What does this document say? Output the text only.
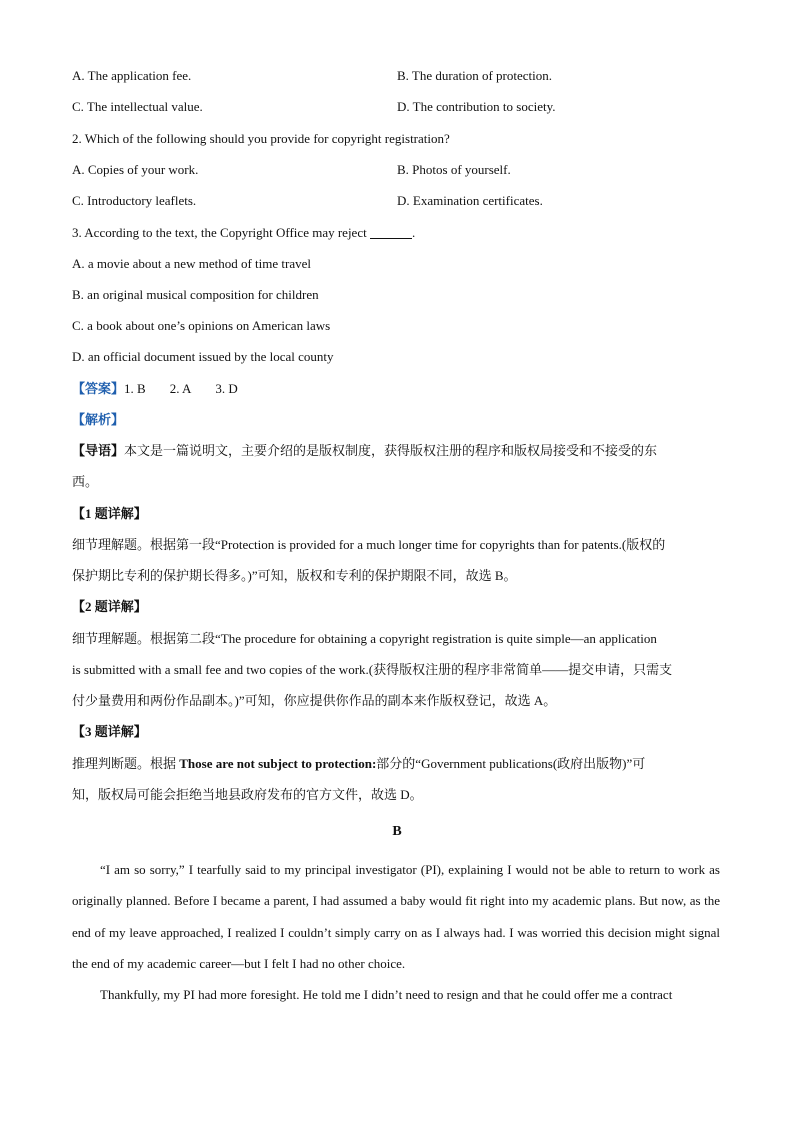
A. The application fee.	B. The duration of protection.
C. The intellectual value.	D. The contribution to society.
2. Which of the following should you provide for copyright registration?
A. Copies of your work.	B. Photos of yourself.
C. Introductory leaflets.	D. Examination certificates.
3. According to the text, the Copyright Office may reject	.
A. a movie about a new method of time travel
B. an original musical composition for children
C. a book about one’s opinions on American laws
D. an official document issued by the local county
【答案】1. B 2. A 3. D
【解析】
【导语】本文是一篇说明文，主要介绍的是版权制度，获得版权注册的程序和版权局接受和不接受的东
西。
【1 题详解】
细节理解题。根据第一段“Protection is provided for a much longer time for copyrights than for patents.(版权的
保护期比专利的保护期长得多。)”可知，版权和专利的保护期限不同，故选 B。
【2 题详解】
细节理解题。根据第二段“The procedure for obtaining a copyright registration is quite simple—an application
is submitted with a small fee and two copies of the work.(获得版权注册的程序非常简单——提交申请，只需支
付少量费用和两份作品副本。)”可知，你应提供你作品的副本来作版权登记，故选 A。
【3 题详解】
推理判断题。根据 Those are not subject to protection:部分的“Government publications(政府出版物)”可
知，版权局可能会拒绝当地县政府发布的官方文件，故选 D。
B

“I am so sorry,” I tearfully said to my principal investigator (PI), explaining I would not be able to return to work as originally planned. Before I became a parent, I had assumed a baby would fit right into my academic plans. But now, as the end of my leave approached, I realized I couldn’t simply carry on as I always had. I was worried this decision might signal the end of my academic career—but I felt I had no other choice.

Thankfully, my PI had more foresight. He told me I didn’t need to resign and that he could offer me a contract
